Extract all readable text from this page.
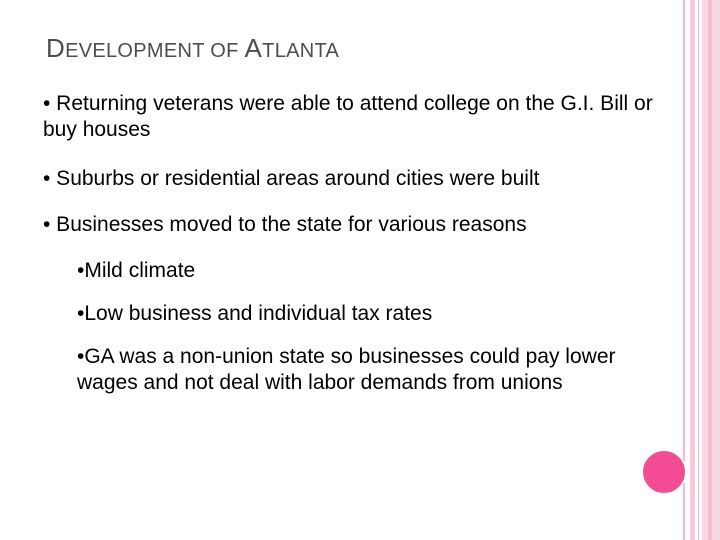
DEVELOPMENT OF ATLANTA
• Returning veterans were able to attend college on the G.I. Bill or buy houses
• Suburbs or residential areas around cities were built
• Businesses moved to the state for various reasons
•Mild climate
•Low business and individual tax rates
•GA was a non-union state so businesses could pay lower wages and not deal with labor demands from unions
